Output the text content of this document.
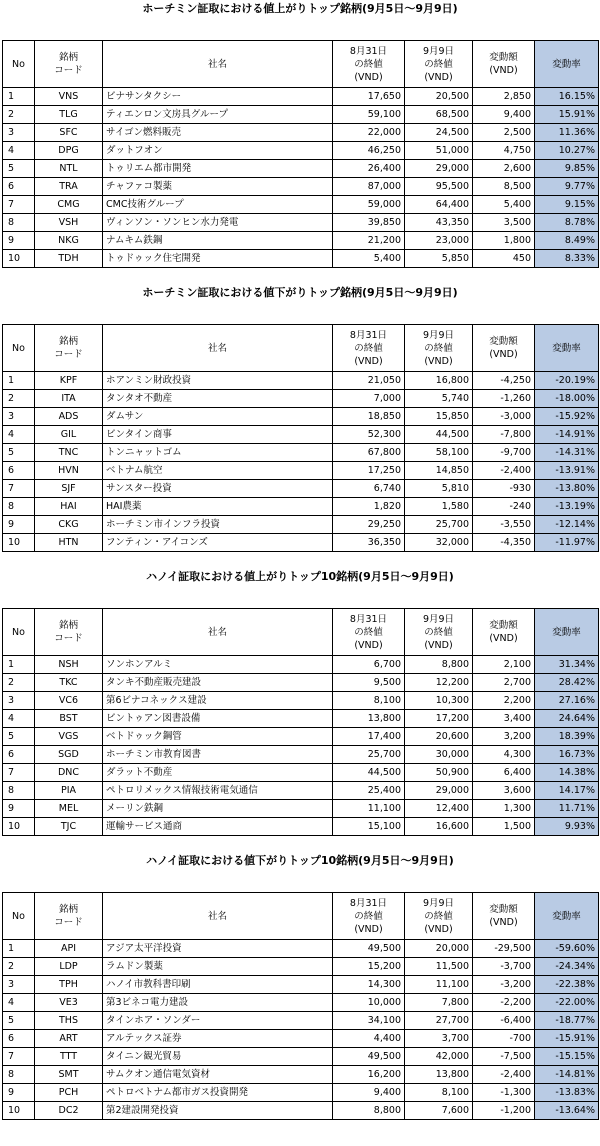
ホーチミン証取における値上がりトップ銘柄(9月5日〜9月9日)
No	銘柄
コード	社名	8月31日
の終値
(VND)	9月9日
の終値
(VND)	変動額
(VND)	変動率
1	VNS	ビナサンタクシー	17,650	20,500	2,850	16.15%
2	TLG	ティエンロン文房具グループ	59,100	68,500	9,400	15.91%
3	SFC	サイゴン燃料販売	22,000	24,500	2,500	11.36%
4	DPG	ダットフオン	46,250	51,000	4,750	10.27%
5	NTL	トゥリエム都市開発	26,400	29,000	2,600	9.85%
6	TRA	チャファコ製薬	87,000	95,500	8,500	9.77%
7	CMG	CMC技術グループ	59,000	64,400	5,400	9.15%
8	VSH	ヴィンソン・ソンヒン水力発電	39,850	43,350	3,500	8.78%
9	NKG	ナムキム鉄鋼	21,200	23,000	1,800	8.49%
10	TDH	トゥドゥック住宅開発	5,400	5,850	450	8.33%
ホーチミン証取における値下がりトップ銘柄(9月5日〜9月9日)
No	銘柄
コード	社名	8月31日
の終値
(VND)	9月9日
の終値
(VND)	変動額
(VND)	変動率
1	KPF	ホアンミン財政投資	21,050	16,800	-4,250	-20.19%
2	ITA	タンタオ不動産	7,000	5,740	-1,260	-18.00%
3	ADS	ダムサン	18,850	15,850	-3,000	-15.92%
4	GIL	ビンタイン商事	52,300	44,500	-7,800	-14.91%
5	TNC	トンニャットゴム	67,800	58,100	-9,700	-14.31%
6	HVN	ベトナム航空	17,250	14,850	-2,400	-13.91%
7	SJF	サンスター投資	6,740	5,810	-930	-13.80%
8	HAI	HAI農薬	1,820	1,580	-240	-13.19%
9	CKG	ホーチミン市インフラ投資	29,250	25,700	-3,550	-12.14%
10	HTN	フンティン・アイコンズ	36,350	32,000	-4,350	-11.97%
ハノイ証取における値上がりトップ10銘柄(9月5日〜9月9日)
No	銘柄
コード	社名	8月31日
の終値
(VND)	9月9日
の終値
(VND)	変動額
(VND)	変動率
1	NSH	ソンホンアルミ	6,700	8,800	2,100	31.34%
2	TKC	タンキ不動産販売建設	9,500	12,200	2,700	28.42%
3	VC6	第6ビナコネックス建設	8,100	10,300	2,200	27.16%
4	BST	ビントゥアン図書設備	13,800	17,200	3,400	24.64%
5	VGS	ベトドゥック鋼管	17,400	20,600	3,200	18.39%
6	SGD	ホーチミン市教育図書	25,700	30,000	4,300	16.73%
7	DNC	ダラット不動産	44,500	50,900	6,400	14.38%
8	PIA	ペトロリメックス情報技術電気通信	25,400	29,000	3,600	14.17%
9	MEL	メーリン鉄鋼	11,100	12,400	1,300	11.71%
10	TJC	運輸サービス通商	15,100	16,600	1,500	9.93%
ハノイ証取における値下がりトップ10銘柄(9月5日〜9月9日)
No	銘柄
コード	社名	8月31日
の終値
(VND)	9月9日
の終値
(VND)	変動額
(VND)	変動率
1	API	アジア太平洋投資	49,500	20,000	-29,500	-59.60%
2	LDP	ラムドン製薬	15,200	11,500	-3,700	-24.34%
3	TPH	ハノイ市教科書印刷	14,300	11,100	-3,200	-22.38%
4	VE3	第3ビネコ電力建設	10,000	7,800	-2,200	-22.00%
5	THS	タインホア・ソンダー	34,100	27,700	-6,400	-18.77%
6	ART	アルテックス証券	4,400	3,700	-700	-15.91%
7	TTT	タイニン観光貿易	49,500	42,000	-7,500	-15.15%
8	SMT	サムクオン通信電気資材	16,200	13,800	-2,400	-14.81%
9	PCH	ペトロベトナム都市ガス投資開発	9,400	8,100	-1,300	-13.83%
10	DC2	第2建設開発投資	8,800	7,600	-1,200	-13.64%
